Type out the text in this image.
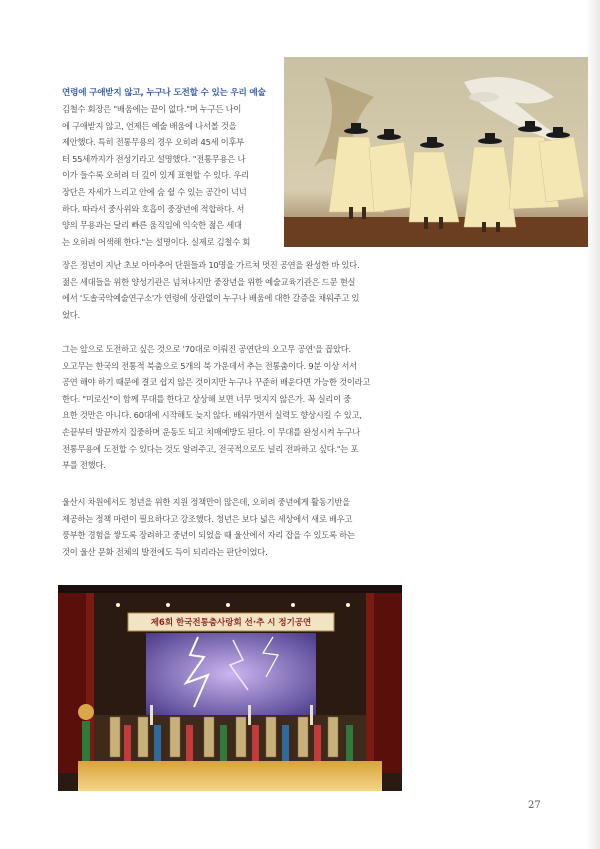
연령에 구애받지 않고, 누구나 도전할 수 있는 우리 예술
김철수 회장은 "배움에는 끝이 없다."며 누구든 나이
에 구애받지 않고, 언제든 예술 배움에 나서볼 것을
제안했다. 특히 전통무용의 경우 오히려 45세 이후부
터 55세까지가 전성기라고 설명했다. "전통무용은 나
이가 들수록 오히려 더 깊이 있게 표현할 수 있다. 우리
장단은 자세가 느리고 안에 숨 쉴 수 있는 공간이 넉넉
하다. 따라서 중사위와 호흡이 중장년에 적합하다. 서
양의 무용과는 달리 빠른 움직임에 익숙한 젊은 세대
는 오히려 어색해 한다."는 설명이다. 실제로 김철수 회
장은 정년이 지난 초보 아마추어 단원들과 10명을 가르쳐 멋진 공연을 완성한 바 있다.
젊은 세대들을 위한 양성기관은 넘쳐나지만 중장년을 위한 예술교육기관은 드문 현실
에서 '도솔국악예술연구소'가 연령에 상관없이 누구나 배움에 대한 갈증을 채워주고 있
었다.
그는 앞으로 도전하고 싶은 것으로 '70대로 이뤄진 공연단의 오고무 공연'을 꼽았다.
오고무는 한국의 전통적 북춤으로 5개의 북 가운데서 추는 전통춤이다. 9분 이상 서서
공연 해야 하기 때문에 결코 쉽지 않은 것이지만 누구나 꾸준히 배운다면 가능한 것이라고
한다. "미로신"이 함께 무대를 한다고 상상해 보면 너무 멋지지 않은가. 꼭 실리이 중
요한 것만은 아니다. 60대에 시작해도 늦지 않다. 배워가면서 실력도 향상시킬 수 있고,
손끝부터 발끝까지 집중하며 운동도 되고 치매예방도 된다. 이 무대를 완성시켜 누구나
전통무용에 도전할 수 있다는 것도 알려주고, 전국적으로도 널리 전파하고 싶다."는 포
부를 전했다.
울산시 차원에서도 청년을 위한 지원 정책만이 많은데, 오히려 중년에게 활동기반을
제공하는 정책 마련이 필요하다고 강조했다. 청년은 보다 넓은 세상에서 새로 배우고
풍부한 경험을 쌓도록 장려하고 중년이 되었을 때 울산에서 자리 잡을 수 있도록 하는
것이 울산 문화 전체의 발전에도 득이 되리라는 판단이었다.
제6회 한국전통춤사랑회 선·추 시 정기공연
27
